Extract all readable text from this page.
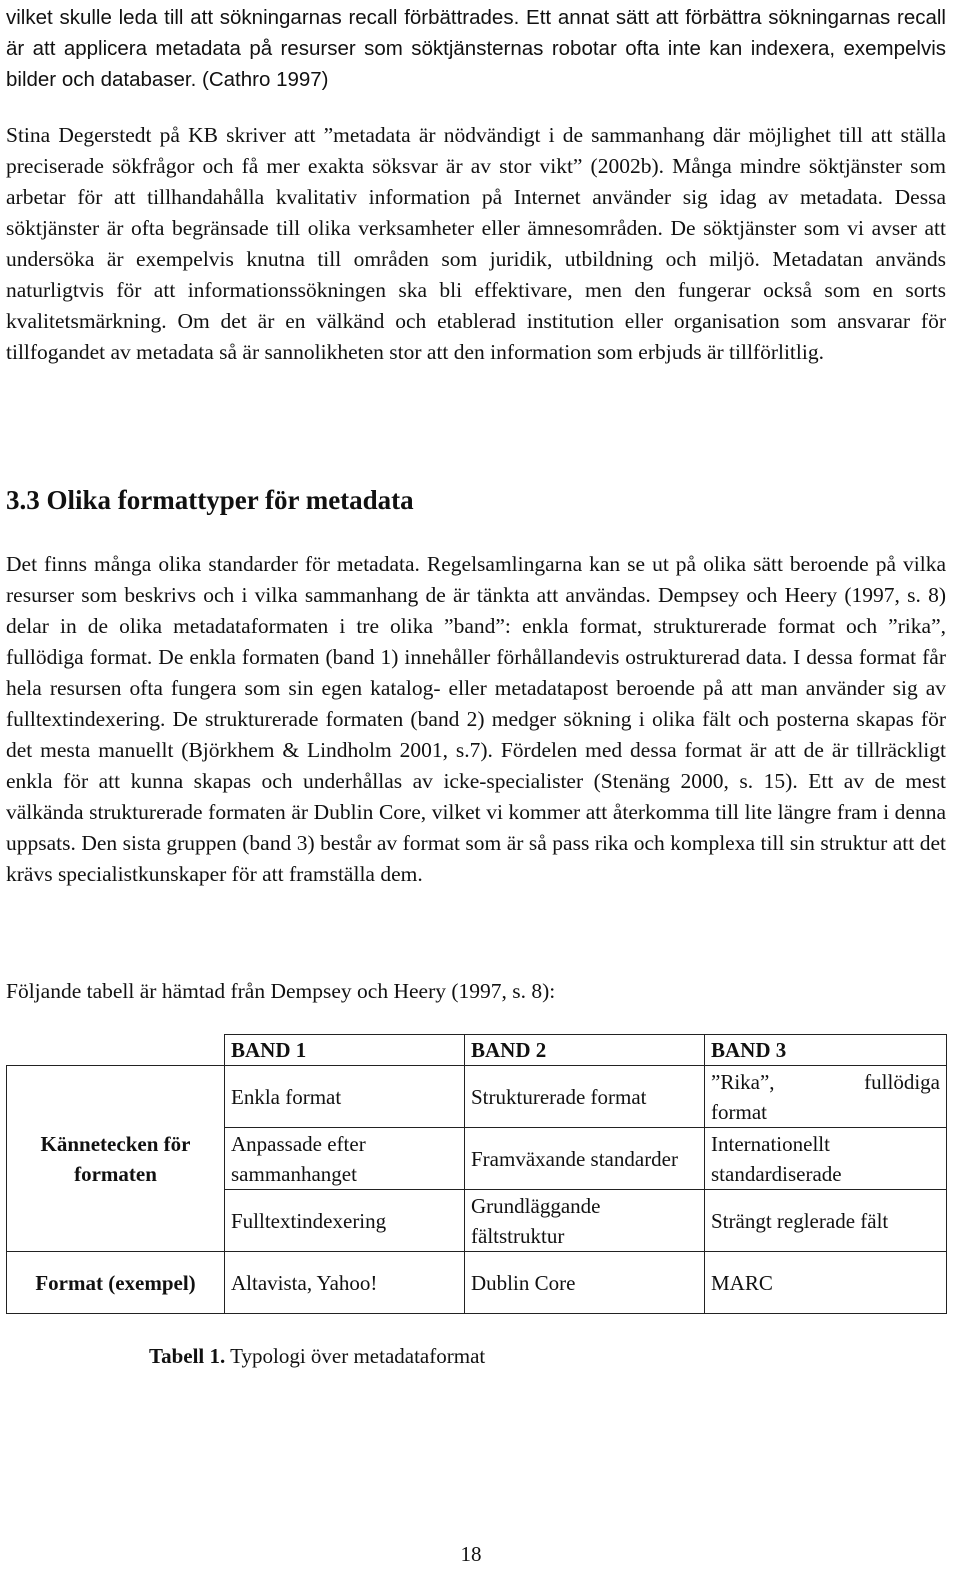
vilket skulle leda till att sökningarnas recall förbättrades. Ett annat sätt att förbättra sökningarnas recall är att applicera metadata på resurser som söktjänsternas robotar ofta inte kan indexera, exempelvis bilder och databaser. (Cathro 1997)

Stina Degerstedt på KB skriver att ”metadata är nödvändigt i de sammanhang där möjlighet till att ställa preciserade sökfrågor och få mer exakta söksvar är av stor vikt” (2002b). Många mindre söktjänster som arbetar för att tillhandahålla kvalitativ information på Internet använder sig idag av metadata. Dessa söktjänster är ofta begränsade till olika verksamheter eller ämnesområden. De söktjänster som vi avser att undersöka är exempelvis knutna till områden som juridik, utbildning och miljö. Metadatan används naturligtvis för att informationssökningen ska bli effektivare, men den fungerar också som en sorts kvalitetsmärkning. Om det är en välkänd och etablerad institution eller organisation som ansvarar för tillfogandet av metadata så är sannolikheten stor att den information som erbjuds är tillförlitlig.

3.3 Olika formattyper för metadata

Det finns många olika standarder för metadata. Regelsamlingarna kan se ut på olika sätt beroende på vilka resurser som beskrivs och i vilka sammanhang de är tänkta att användas. Dempsey och Heery (1997, s. 8) delar in de olika metadataformaten i tre olika ”band”: enkla format, strukturerade format och ”rika”, fullödiga format. De enkla formaten (band 1) innehåller förhållandevis ostrukturerad data. I dessa format får hela resursen ofta fungera som sin egen katalog- eller metadatapost beroende på att man använder sig av fulltextindexering. De strukturerade formaten (band 2) medger sökning i olika fält och posterna skapas för det mesta manuellt (Björkhem & Lindholm 2001, s.7). Fördelen med dessa format är att de är tillräckligt enkla för att kunna skapas och underhållas av icke-specialister (Stenäng 2000, s. 15). Ett av de mest välkända strukturerade formaten är Dublin Core, vilket vi kommer att återkomma till lite längre fram i denna uppsats. Den sista gruppen (band 3) består av format som är så pass rika och komplexa till sin struktur att det krävs specialistkunskaper för att framställa dem.

Följande tabell är hämtad från Dempsey och Heery (1997, s. 8):

	BAND 1	BAND 2	BAND 3
Kännetecken för formaten	Enkla format	Strukturerade format	”Rika”, fullödiga
format

	Anpassade efter sammanhanget	Framväxande standarder	Internationellt standardiserade
	Fulltextindexering	Grundläggande fältstruktur	Strängt reglerade fält
Format (exempel)	Altavista, Yahoo!	Dublin Core	MARC

Tabell 1. Typologi över metadataformat

18
